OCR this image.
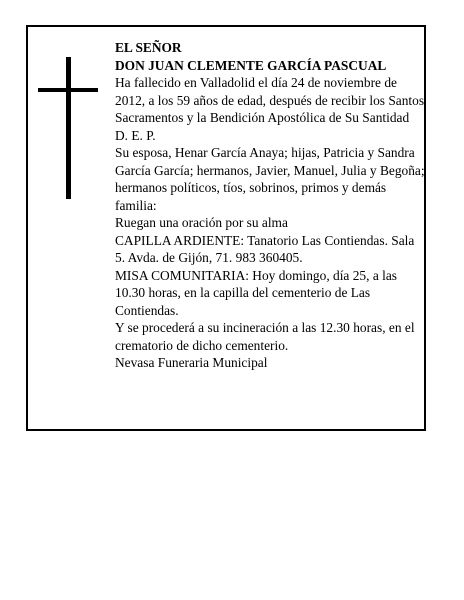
EL SEÑOR

DON JUAN CLEMENTE GARCÍA PASCUAL

Ha fallecido en Valladolid el día 24 de noviembre de 2012, a los 59 años de edad, después de recibir los Santos Sacramentos y la Bendición Apostólica de Su Santidad

D. E. P.

Su esposa, Henar García Anaya; hijas, Patricia y Sandra García García; hermanos, Javier, Manuel, Julia y Begoña; hermanos políticos, tíos, sobrinos, primos y demás familia:

Ruegan una oración por su alma

CAPILLA ARDIENTE: Tanatorio Las Contiendas. Sala 5. Avda. de Gijón, 71. 983 360405.

MISA COMUNITARIA: Hoy domingo, día 25, a las 10.30 horas, en la capilla del cementerio de Las Contiendas.

Y se procederá a su incineración a las 12.30 horas, en el crematorio de dicho cementerio.

Nevasa Funeraria Municipal
